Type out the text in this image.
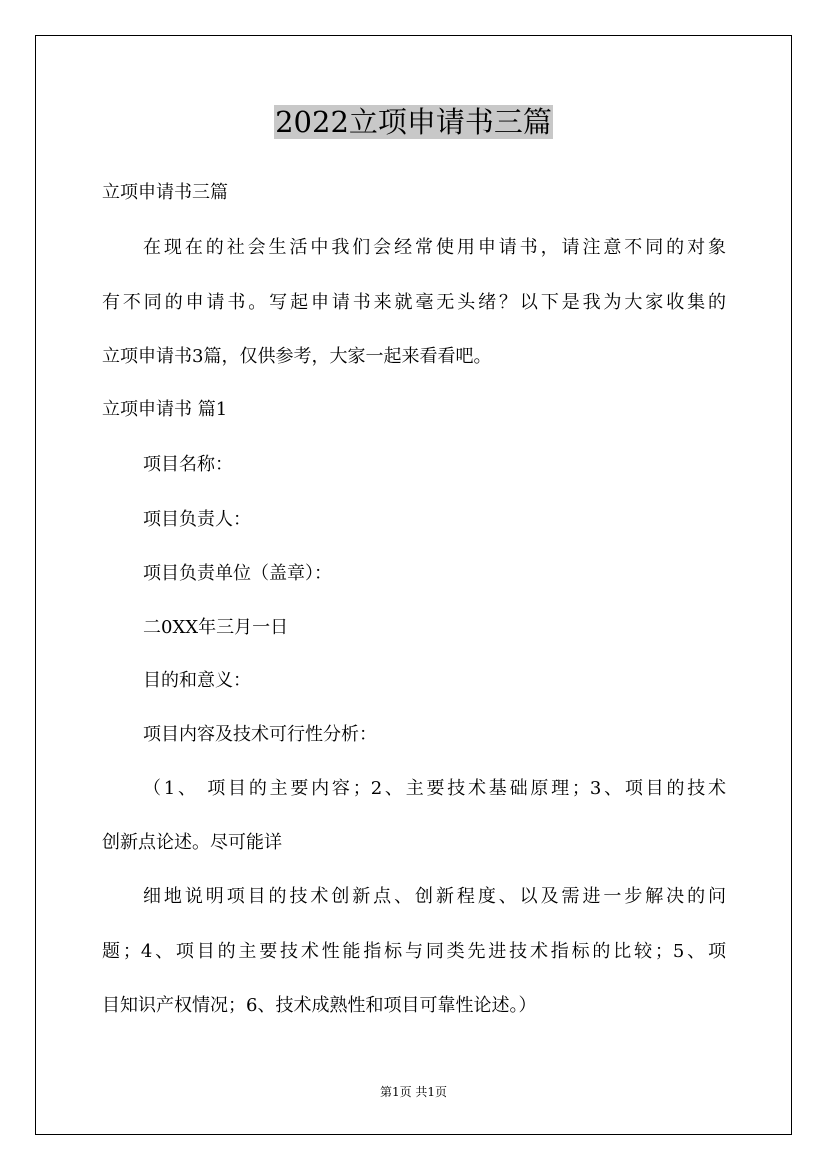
2022立项申请书三篇
立项申请书三篇
在现在的社会生活中我们会经常使用申请书，请注意不同的对象
有不同的申请书。写起申请书来就毫无头绪？以下是我为大家收集的
立项申请书3篇，仅供参考，大家一起来看看吧。
立项申请书 篇1
项目名称：
项目负责人：
项目负责单位（盖章）：
二0XX年三月一日
目的和意义：
项目内容及技术可行性分析：
（1、 项目的主要内容；2、主要技术基础原理；3、项目的技术
创新点论述。尽可能详
细地说明项目的技术创新点、创新程度、以及需进一步解决的问
题；4、项目的主要技术性能指标与同类先进技术指标的比较；5、项
目知识产权情况；6、技术成熟性和项目可靠性论述。）
第1页 共1页
